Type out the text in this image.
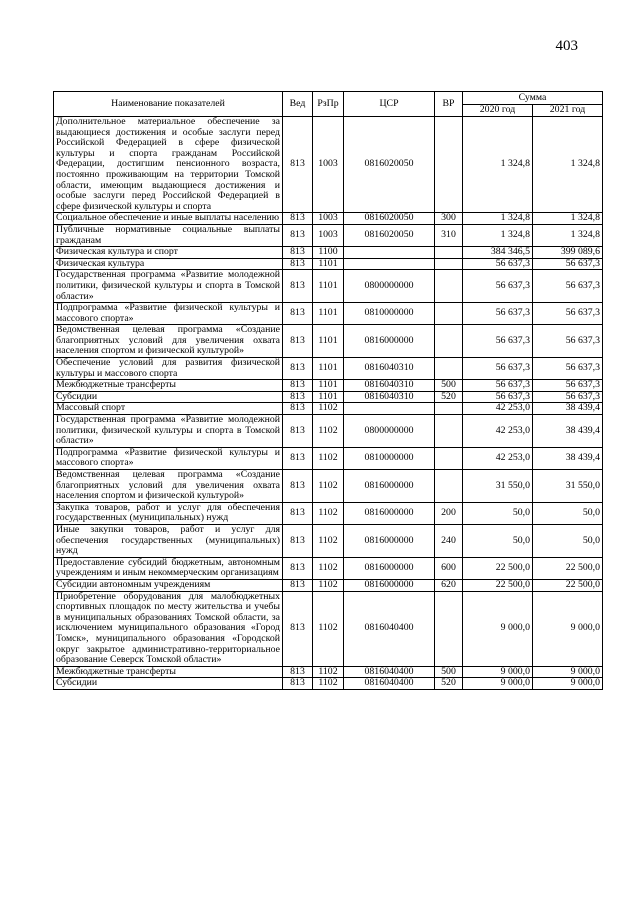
403
Наименование показателей	Вед	РзПр	ЦСР	ВР	Сумма	
					2020 год	2021 год
Дополнительное материальное обеспечение за выдающиеся достижения и особые заслуги перед Российской Федерацией в сфере физической культуры и спорта гражданам Российской Федерации, достигшим пенсионного возраста, постоянно проживающим на территории Томской области, имеющим выдающиеся достижения и особые заслуги перед Российской Федерацией в сфере физической культуры и спорта	813	1003	0816020050		1 324,8	1 324,8
Социальное обеспечение и иные выплаты населению	813	1003	0816020050	300	1 324,8	1 324,8
Публичные нормативные социальные выплаты гражданам	813	1003	0816020050	310	1 324,8	1 324,8
Физическая культура и спорт	813	1100			384 346,5	399 089,6
Физическая культура	813	1101			56 637,3	56 637,3
Государственная программа «Развитие молодежной политики, физической культуры и спорта в Томской области»	813	1101	0800000000		56 637,3	56 637,3
Подпрограмма «Развитие физической культуры и массового спорта»	813	1101	0810000000		56 637,3	56 637,3
Ведомственная целевая программа «Создание благоприятных условий для увеличения охвата населения спортом и физической культурой»	813	1101	0816000000		56 637,3	56 637,3
Обеспечение условий для развития физической культуры и массового спорта	813	1101	0816040310		56 637,3	56 637,3
Межбюджетные трансферты	813	1101	0816040310	500	56 637,3	56 637,3
Субсидии	813	1101	0816040310	520	56 637,3	56 637,3
Массовый спорт	813	1102			42 253,0	38 439,4
Государственная программа «Развитие молодежной политики, физической культуры и спорта в Томской области»	813	1102	0800000000		42 253,0	38 439,4
Подпрограмма «Развитие физической культуры и массового спорта»	813	1102	0810000000		42 253,0	38 439,4
Ведомственная целевая программа «Создание благоприятных условий для увеличения охвата населения спортом и физической культурой»	813	1102	0816000000		31 550,0	31 550,0
Закупка товаров, работ и услуг для обеспечения государственных (муниципальных) нужд	813	1102	0816000000	200	50,0	50,0
Иные закупки товаров, работ и услуг для обеспечения государственных (муниципальных) нужд	813	1102	0816000000	240	50,0	50,0
Предоставление субсидий бюджетным, автономным учреждениям и иным некоммерческим организациям	813	1102	0816000000	600	22 500,0	22 500,0
Субсидии автономным учреждениям	813	1102	0816000000	620	22 500,0	22 500,0
Приобретение оборудования для малобюджетных спортивных площадок по месту жительства и учебы в муниципальных образованиях Томской области, за исключением муниципального образования «Город Томск», муниципального образования «Городской округ закрытое административно-территориальное образование Северск Томской области»	813	1102	0816040400		9 000,0	9 000,0
Межбюджетные трансферты	813	1102	0816040400	500	9 000,0	9 000,0
Субсидии	813	1102	0816040400	520	9 000,0	9 000,0
